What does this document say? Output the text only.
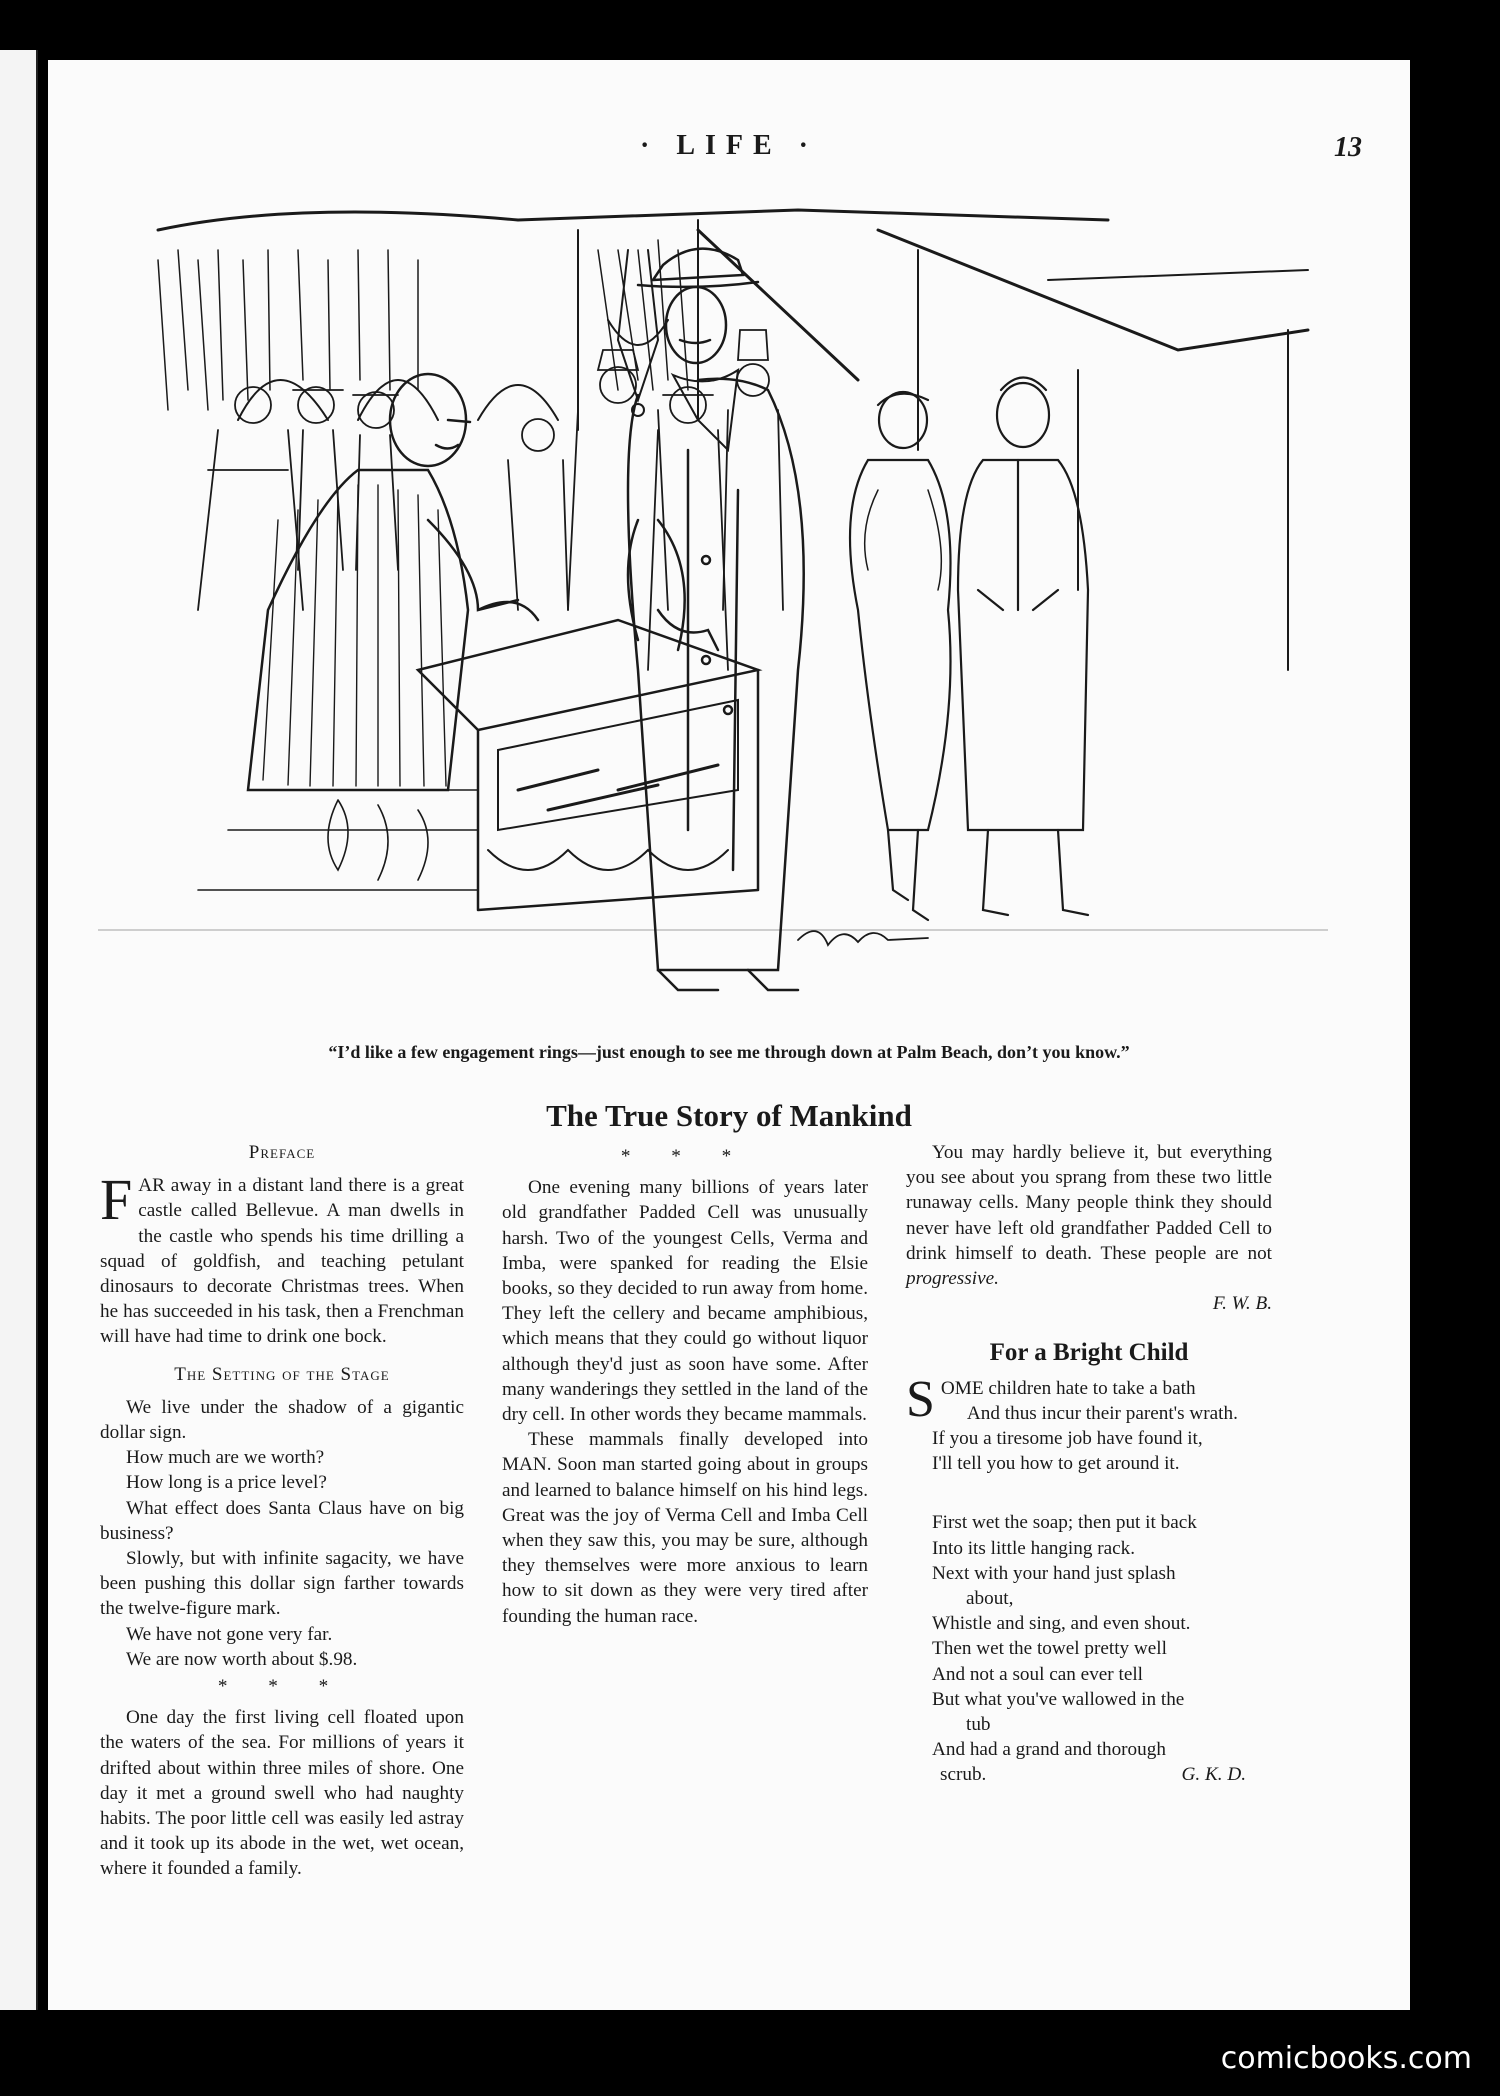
· LIFE ·	13
“I’d like a few engagement rings—just enough to see me through down at Palm Beach, don’t you know.”
The True Story of Mankind
Preface

FAR away in a distant land there is a great castle called Bellevue. A man dwells in the castle who spends his time drilling a squad of goldfish, and teaching petulant dinosaurs to decorate Christmas trees. When he has succeeded in his task, then a Frenchman will have had time to drink one bock.

The Setting of the Stage

We live under the shadow of a gigantic dollar sign.

How much are we worth?

How long is a price level?

What effect does Santa Claus have on big business?

Slowly, but with infinite sagacity, we have been pushing this dollar sign farther towards the twelve-figure mark.

We have not gone very far.

We are now worth about $.98.

* * *

One day the first living cell floated upon the waters of the sea. For millions of years it drifted about within three miles of shore. One day it met a ground swell who had naughty habits. The poor little cell was easily led astray and it took up its abode in the wet, wet ocean, where it founded a family.

* * *

One evening many billions of years later old grandfather Padded Cell was unusually harsh. Two of the youngest Cells, Verma and Imba, were spanked for reading the Elsie books, so they decided to run away from home. They left the cellery and became amphibious, which means that they could go without liquor although they'd just as soon have some. After many wanderings they settled in the land of the dry cell. In other words they became mammals.

These mammals finally developed into MAN. Soon man started going about in groups and learned to balance himself on his hind legs. Great was the joy of Verma Cell and Imba Cell when they saw this, you may be sure, although they themselves were more anxious to learn how to sit down as they were very tired after founding the human race.

You may hardly believe it, but everything you see about you sprang from these two little runaway cells. Many people think they should never have left old grandfather Padded Cell to drink himself to death. These people are not progressive.

F. W. B.

For a Bright Child

SOME children hate to take a bath

And thus incur their parent's wrath.

If you a tiresome job have found it,

I'll tell you how to get around it.

First wet the soap; then put it back

Into its little hanging rack.

Next with your hand just splash

about,

Whistle and sing, and even shout.

Then wet the towel pretty well

And not a soul can ever tell

But what you've wallowed in the

tub

And had a grand and thorough

scrub.	G. K. D.
comicbooks.com
